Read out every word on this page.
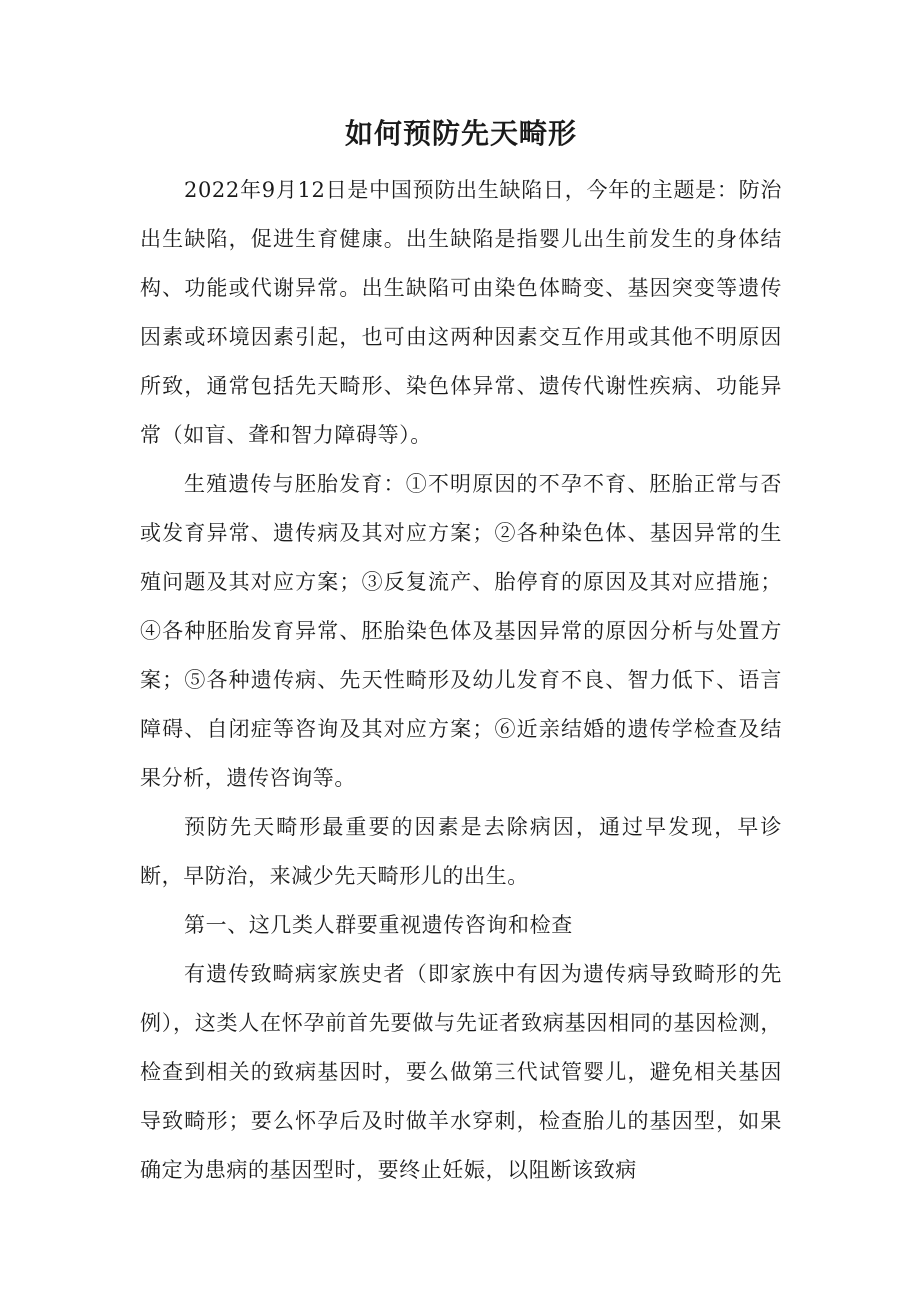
如何预防先天畸形

2022年9月12日是中国预防出生缺陷日，今年的主题是：防治出生缺陷，促进生育健康。出生缺陷是指婴儿出生前发生的身体结构、功能或代谢异常。出生缺陷可由染色体畸变、基因突变等遗传因素或环境因素引起，也可由这两种因素交互作用或其他不明原因所致，通常包括先天畸形、染色体异常、遗传代谢性疾病、功能异常（如盲、聋和智力障碍等）。

生殖遗传与胚胎发育：①不明原因的不孕不育、胚胎正常与否或发育异常、遗传病及其对应方案；②各种染色体、基因异常的生殖问题及其对应方案；③反复流产、胎停育的原因及其对应措施；④各种胚胎发育异常、胚胎染色体及基因异常的原因分析与处置方案；⑤各种遗传病、先天性畸形及幼儿发育不良、智力低下、语言障碍、自闭症等咨询及其对应方案；⑥近亲结婚的遗传学检查及结果分析，遗传咨询等。

预防先天畸形最重要的因素是去除病因，通过早发现，早诊断，早防治，来减少先天畸形儿的出生。

第一、这几类人群要重视遗传咨询和检查

有遗传致畸病家族史者（即家族中有因为遗传病导致畸形的先例），这类人在怀孕前首先要做与先证者致病基因相同的基因检测，检查到相关的致病基因时，要么做第三代试管婴儿，避免相关基因导致畸形；要么怀孕后及时做羊水穿刺，检查胎儿的基因型，如果确定为患病的基因型时，要终止妊娠，以阻断该致病
